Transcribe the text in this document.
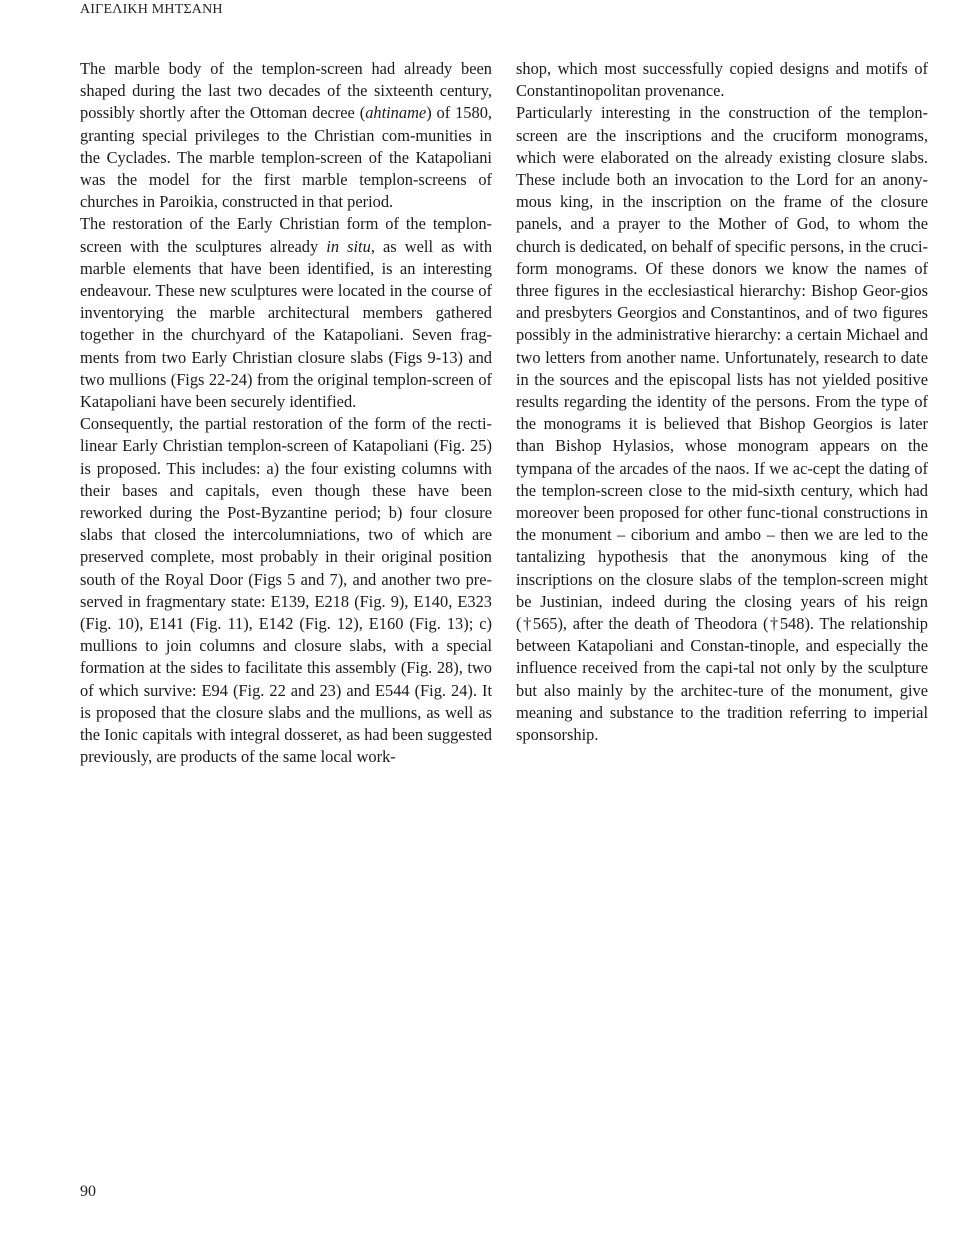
ΑΙΓΕΛΙΚΗ ΜΗΤΣΑΝΗ

The marble body of the templon-screen had already been shaped during the last two decades of the sixteenth century, possibly shortly after the Ottoman decree (ahtiname) of 1580, granting special privileges to the Christian com-munities in the Cyclades. The marble templon-screen of the Katapoliani was the model for the first marble templon-screens of churches in Paroikia, constructed in that period.

The restoration of the Early Christian form of the templon-screen with the sculptures already in situ, as well as with marble elements that have been identified, is an interesting endeavour. These new sculptures were located in the course of inventorying the marble architectural members gathered together in the churchyard of the Katapoliani. Seven frag-ments from two Early Christian closure slabs (Figs 9-13) and two mullions (Figs 22-24) from the original templon-screen of Katapoliani have been securely identified.

Consequently, the partial restoration of the form of the recti-linear Early Christian templon-screen of Katapoliani (Fig. 25) is proposed. This includes: a) the four existing columns with their bases and capitals, even though these have been reworked during the Post-Byzantine period; b) four closure slabs that closed the intercolumniations, two of which are preserved complete, most probably in their original position south of the Royal Door (Figs 5 and 7), and another two pre-served in fragmentary state: E139, E218 (Fig. 9), E140, E323 (Fig. 10), E141 (Fig. 11), E142 (Fig. 12), E160 (Fig. 13); c) mullions to join columns and closure slabs, with a special formation at the sides to facilitate this assembly (Fig. 28), two of which survive: E94 (Fig. 22 and 23) and E544 (Fig. 24). It is proposed that the closure slabs and the mullions, as well as the Ionic capitals with integral dosseret, as had been suggested previously, are products of the same local work-

shop, which most successfully copied designs and motifs of Constantinopolitan provenance.

Particularly interesting in the construction of the templon-screen are the inscriptions and the cruciform monograms, which were elaborated on the already existing closure slabs. These include both an invocation to the Lord for an anony-mous king, in the inscription on the frame of the closure panels, and a prayer to the Mother of God, to whom the church is dedicated, on behalf of specific persons, in the cruci-form monograms. Of these donors we know the names of three figures in the ecclesiastical hierarchy: Bishop Geor-gios and presbyters Georgios and Constantinos, and of two figures possibly in the administrative hierarchy: a certain Michael and two letters from another name. Unfortunately, research to date in the sources and the episcopal lists has not yielded positive results regarding the identity of the persons. From the type of the monograms it is believed that Bishop Georgios is later than Bishop Hylasios, whose monogram appears on the tympana of the arcades of the naos. If we ac-cept the dating of the templon-screen close to the mid-sixth century, which had moreover been proposed for other func-tional constructions in the monument – ciborium and ambo – then we are led to the tantalizing hypothesis that the anonymous king of the inscriptions on the closure slabs of the templon-screen might be Justinian, indeed during the closing years of his reign (†565), after the death of Theodora (†548). The relationship between Katapoliani and Constan-tinople, and especially the influence received from the capi-tal not only by the sculpture but also mainly by the architec-ture of the monument, give meaning and substance to the tradition referring to imperial sponsorship.

90
